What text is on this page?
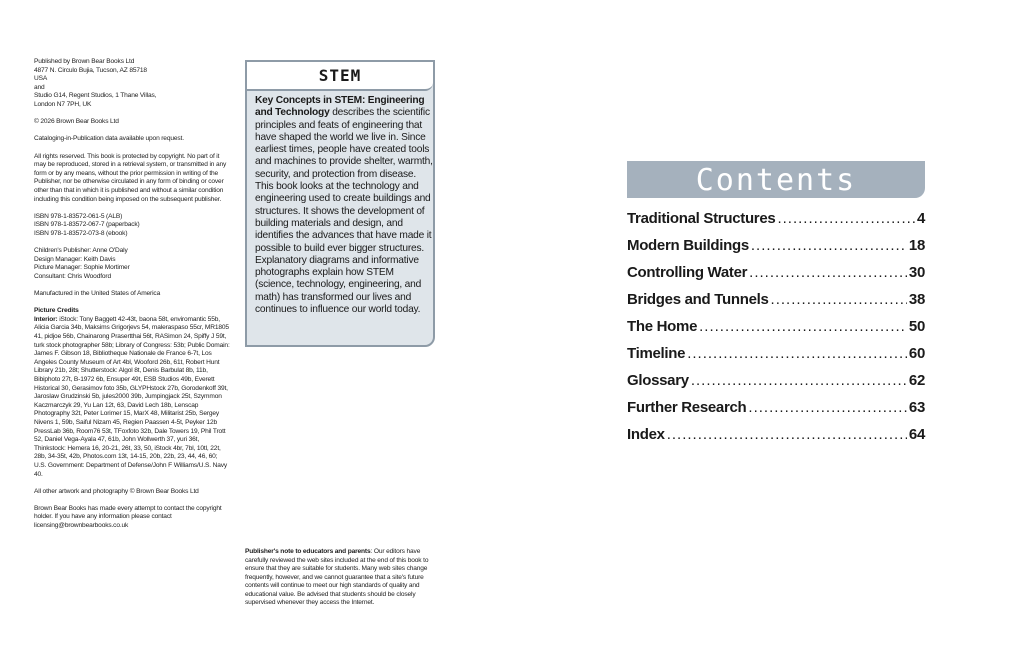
Published by Brown Bear Books Ltd
4877 N. Circulo Bujia, Tucson, AZ 85718
USA
and
Studio G14, Regent Studios, 1 Thane Villas,
London N7 7PH, UK

© 2026 Brown Bear Books Ltd

Cataloging-in-Publication data available upon request.

All rights reserved. This book is protected by copyright. No part of it may be reproduced, stored in a retrieval system, or transmitted in any form or by any means, without the prior permission in writing of the Publisher, nor be otherwise circulated in any form of binding or cover other than that in which it is published and without a similar condition including this condition being imposed on the subsequent publisher.

ISBN 978-1-83572-061-5 (ALB)
ISBN 978-1-83572-067-7 (paperback)
ISBN 978-1-83572-073-8 (ebook)

Children's Publisher: Anne O'Daly
Design Manager: Keith Davis
Picture Manager: Sophie Mortimer
Consultant: Chris Woodford

Manufactured in the United States of America

Picture Credits

Interior: iStock: Tony Baggett 42-43t, baona 58t, enviromantic 55b, Alicia Garcia 34b, Maksims Grigorjevs 54, maleraspaso 55cr, MR1805 41, pidjoe 56b, Chainarong Prasertthai 56t, RASimon 24, Spiffy J 59t, turk stock photographer 58b; Library of Congress: 53b; Public Domain: James F. Gibson 18, Bibliotheque Nationale de France 6-7t, Los Angeles County Museum of Art 4bl, Wooford 26b, 61t, Robert Hunt Library 21b, 28t; Shutterstock: Algol 8t, Denis Barbulat 8b, 11b, Bibiphoto 27t, B-1972 6b, Ensuper 49t, ESB Studios 49b, Everett Historical 30, Gerasimov foto 35b, GLYPHstock 27b, Gorodenkoff 39t, Jaroslaw Grudzinski 5b, jules2000 39b, Jumpingjack 25t, Szymmon Kaczmarczyk 29, Yu Lan 12t, 63, David Lech 18b, Lenscap Photography 32t, Peter Lorimer 15, MarX 48, Militarist 25b, Sergey Nivens 1, 59b, Saiful Nizam 45, Regien Paassen 4-5t, Peyker 12b PressLab 36b, Room76 53t, TFoxfoto 32b, Dale Towers 19, Phil Trott 52, Daniel Vega-Ayala 47, 61b, John Wollwerth 37, yuri 36t, Thinkstock: Hemera 16, 20-21, 26t, 33, 50, iStock 4br, 7bl, 10tl, 22t, 28b, 34-35t, 42b, Photos.com 13t, 14-15, 20b, 22b, 23, 44, 46, 60; U.S. Government: Department of Defense/John F Williams/U.S. Navy 40.

All other artwork and photography © Brown Bear Books Ltd

Brown Bear Books has made every attempt to contact the copyright holder. If you have any information please contact licensing@brownbearbooks.co.uk

STEM
Key Concepts in STEM: Engineering and Technology describes the scientific principles and feats of engineering that have shaped the world we live in. Since earliest times, people have created tools and machines to provide shelter, warmth, security, and protection from disease. This book looks at the technology and engineering used to create buildings and structures. It shows the development of building materials and design, and identifies the advances that have made it possible to build ever bigger structures. Explanatory diagrams and informative photographs explain how STEM (science, technology, engineering, and math) has transformed our lives and continues to influence our world today.
Publisher's note to educators and parents: Our editors have carefully reviewed the web sites included at the end of this book to ensure that they are suitable for students. Many web sites change frequently, however, and we cannot guarantee that a site's future contents will continue to meet our high standards of quality and educational value. Be advised that students should be closely supervised whenever they access the Internet.
Contents
Traditional Structures .....	4
Modern Buildings .....	18
Controlling Water .....	30
Bridges and Tunnels .....	38
The Home .....	50
Timeline .....	60
Glossary .....	62
Further Research .....	63
Index .....	64
